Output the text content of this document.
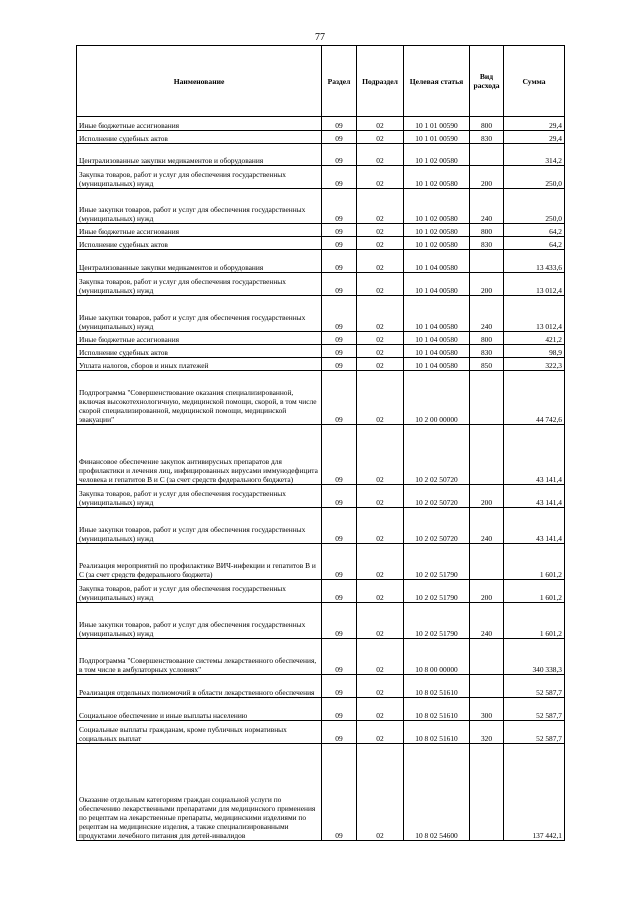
77
Наименование	Раздел	Подраздел	Целевая статья	Вид расхода	Сумма
Иные бюджетные ассигнования	09	02	10 1 01 00590	800	29,4
Исполнение судебных актов	09	02	10 1 01 00590	830	29,4
Централизованные закупки медикаментов и оборудования	09	02	10 1 02 00580		314,2
Закупка товаров, работ и услуг для обеспечения государственных (муниципальных) нужд	09	02	10 1 02 00580	200	250,0
Иные закупки товаров, работ и услуг для обеспечения государственных (муниципальных) нужд	09	02	10 1 02 00580	240	250,0
Иные бюджетные ассигнования	09	02	10 1 02 00580	800	64,2
Исполнение судебных актов	09	02	10 1 02 00580	830	64,2
Централизованные закупки медикаментов и оборудования	09	02	10 1 04 00580		13 433,6
Закупка товаров, работ и услуг для обеспечения государственных (муниципальных) нужд	09	02	10 1 04 00580	200	13 012,4
Иные закупки товаров, работ и услуг для обеспечения государственных (муниципальных) нужд	09	02	10 1 04 00580	240	13 012,4
Иные бюджетные ассигнования	09	02	10 1 04 00580	800	421,2
Исполнение судебных актов	09	02	10 1 04 00580	830	98,9
Уплата налогов, сборов и иных платежей	09	02	10 1 04 00580	850	322,3
Подпрограмма "Совершенствование оказания специализированной, включая высокотехнологичную, медицинской помощи, скорой, в том числе скорой специализированной, медицинской помощи, медицинской эвакуации"	09	02	10 2 00 00000		44 742,6
Финансовое обеспечение закупок антивирусных препаратов для профилактики и лечения лиц, инфицированных вирусами иммунодефицита человека и гепатитов В и С (за счет средств федерального бюджета)	09	02	10 2 02 50720		43 141,4
Закупка товаров, работ и услуг для обеспечения государственных (муниципальных) нужд	09	02	10 2 02 50720	200	43 141,4
Иные закупки товаров, работ и услуг для обеспечения государственных (муниципальных) нужд	09	02	10 2 02 50720	240	43 141,4
Реализация мероприятий по профилактике ВИЧ-инфекции и гепатитов В и С (за счет средств федерального бюджета)	09	02	10 2 02 51790		1 601,2
Закупка товаров, работ и услуг для обеспечения государственных (муниципальных) нужд	09	02	10 2 02 51790	200	1 601,2
Иные закупки товаров, работ и услуг для обеспечения государственных (муниципальных) нужд	09	02	10 2 02 51790	240	1 601,2
Подпрограмма "Совершенствование системы лекарственного обеспечения, в том числе в амбулаторных условиях"	09	02	10 8 00 00000		340 338,3
Реализация отдельных полномочий в области лекарственного обеспечения	09	02	10 8 02 51610		52 587,7
Социальное обеспечение и иные выплаты населению	09	02	10 8 02 51610	300	52 587,7
Социальные выплаты гражданам, кроме публичных нормативных социальных выплат	09	02	10 8 02 51610	320	52 587,7
Оказание отдельным категориям граждан социальной услуги по обеспечению лекарственными препаратами для медицинского применения по рецептам на лекарственные препараты, медицинскими изделиями по рецептам на медицинские изделия, а также специализированными продуктами лечебного питания для детей-инвалидов	09	02	10 8 02 54600		137 442,1
